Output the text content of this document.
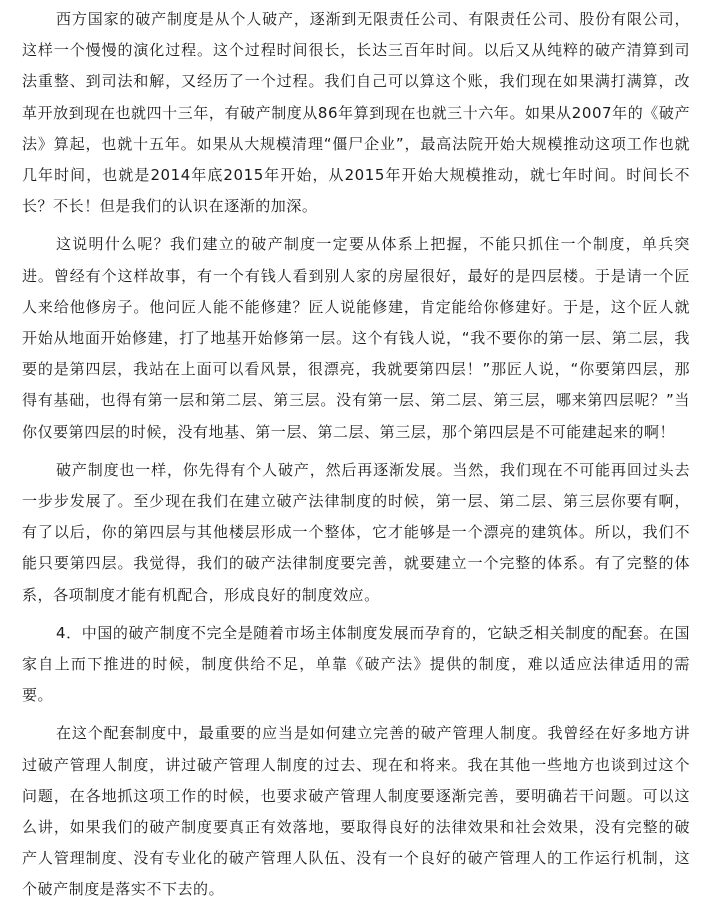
西方国家的破产制度是从个人破产，逐渐到无限责任公司、有限责任公司、股份有限公司，这样一个慢慢的演化过程。这个过程时间很长，长达三百年时间。以后又从纯粹的破产清算到司法重整、到司法和解，又经历了一个过程。我们自己可以算这个账，我们现在如果满打满算，改革开放到现在也就四十三年，有破产制度从86年算到现在也就三十六年。如果从2007年的《破产法》算起，也就十五年。如果从大规模清理“僵尸企业”，最高法院开始大规模推动这项工作也就几年时间，也就是2014年底2015年开始，从2015年开始大规模推动，就七年时间。时间长不长？不长！但是我们的认识在逐渐的加深。

这说明什么呢？我们建立的破产制度一定要从体系上把握，不能只抓住一个制度，单兵突进。曾经有个这样故事，有一个有钱人看到别人家的房屋很好，最好的是四层楼。于是请一个匠人来给他修房子。他问匠人能不能修建？匠人说能修建，肯定能给你修建好。于是，这个匠人就开始从地面开始修建，打了地基开始修第一层。这个有钱人说，“我不要你的第一层、第二层，我要的是第四层，我站在上面可以看风景，很漂亮，我就要第四层！”那匠人说，“你要第四层，那得有基础，也得有第一层和第二层、第三层。没有第一层、第二层、第三层，哪来第四层呢？”当你仅要第四层的时候，没有地基、第一层、第二层、第三层，那个第四层是不可能建起来的啊！

破产制度也一样，你先得有个人破产，然后再逐渐发展。当然，我们现在不可能再回过头去一步步发展了。至少现在我们在建立破产法律制度的时候，第一层、第二层、第三层你要有啊，有了以后，你的第四层与其他楼层形成一个整体，它才能够是一个漂亮的建筑体。所以，我们不能只要第四层。我觉得，我们的破产法律制度要完善，就要建立一个完整的体系。有了完整的体系，各项制度才能有机配合，形成良好的制度效应。

4．中国的破产制度不完全是随着市场主体制度发展而孕育的，它缺乏相关制度的配套。在国家自上而下推进的时候，制度供给不足，单靠《破产法》提供的制度，难以适应法律适用的需要。

在这个配套制度中，最重要的应当是如何建立完善的破产管理人制度。我曾经在好多地方讲过破产管理人制度，讲过破产管理人制度的过去、现在和将来。我在其他一些地方也谈到过这个问题，在各地抓这项工作的时候，也要求破产管理人制度要逐渐完善，要明确若干问题。可以这么讲，如果我们的破产制度要真正有效落地，要取得良好的法律效果和社会效果，没有完整的破产人管理制度、没有专业化的破产管理人队伍、没有一个良好的破产管理人的工作运行机制，这个破产制度是落实不下去的。
